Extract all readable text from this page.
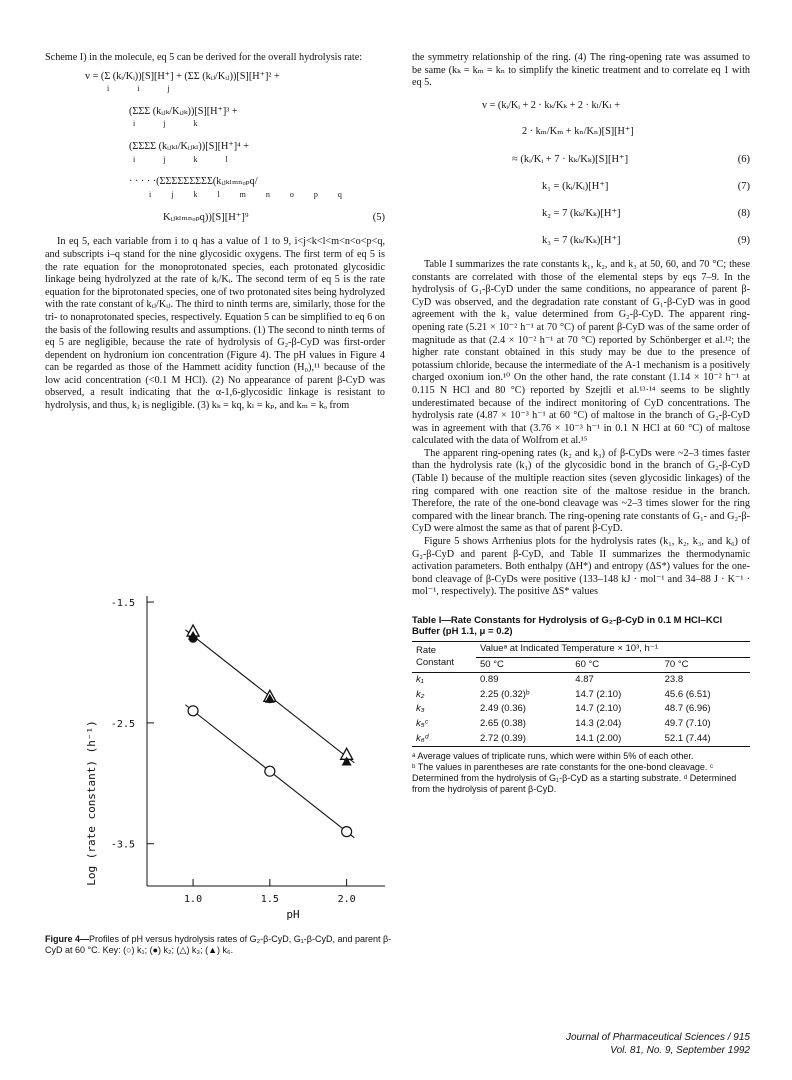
Scheme I) in the molecule, eq 5 can be derived for the overall hydrolysis rate:

v = (Σ (kᵢ/Kᵢ))[S][H⁺] + (ΣΣ (kᵢⱼ/Kᵢⱼ))[S][H⁺]² +
i i j
(ΣΣΣ (kᵢⱼₖ/Kᵢⱼₖ))[S][H⁺]³ +
i j k
(ΣΣΣΣ (kᵢⱼₖₗ/Kᵢⱼₖₗ))[S][H⁺]⁴ +
i j k l
· · · · ·(ΣΣΣΣΣΣΣΣΣ(kᵢⱼₖₗₘₙₒₚq/
i j k l m n o p q
Kᵢⱼₖₗₘₙₒₚq))[S][H⁺]⁹	(5)

In eq 5, each variable from i to q has a value of 1 to 9, i<j<k<l<m<n<o<p<q, and subscripts i–q stand for the nine glycosidic oxygens. The first term of eq 5 is the rate equation for the monoprotonated species, each protonated glycosidic linkage being hydrolyzed at the rate of kᵢ/Kᵢ. The second term of eq 5 is the rate equation for the biprotonated species, one of two protonated sites being hydrolyzed with the rate constant of kᵢⱼ/Kᵢⱼ. The third to ninth terms are, similarly, those for the tri- to nonaprotonated species, respectively. Equation 5 can be simplified to eq 6 on the basis of the following results and assumptions. (1) The second to ninth terms of eq 5 are negligible, because the rate of hydrolysis of G₂-β-CyD was first-order dependent on hydronium ion concentration (Figure 4). The pH values in Figure 4 can be regarded as those of the Hammett acidity function (H₀),¹¹ because of the low acid concentration (<0.1 M HCl). (2) No appearance of parent β-CyD was observed, a result indicating that the α-1,6-glycosidic linkage is resistant to hydrolysis, and thus, kⱼ is negligible. (3) kₖ = kq, kₗ = kₚ, and kₘ = kₒ from

Log (rate constant) (h⁻¹)
pH
-1.5
-2.5
-3.5
1.0	1.5	2.0
Figure 4—Profiles of pH versus hydrolysis rates of G₂-β-CyD, G₁-β-CyD, and parent β-CyD at 60 °C. Key: (○) k₁; (●) k₂; (△) k₃; (▲) k₆.

the symmetry relationship of the ring. (4) The ring-opening rate was assumed to be same (kₖ = kₘ = kₙ to simplify the kinetic treatment and to correlate eq 1 with eq 5.

v = (kᵢ/Kᵢ + 2 · kₖ/Kₖ + 2 · kₗ/Kₗ +
2 · kₘ/Kₘ + kₙ/Kₙ)[S][H⁺]
≈ (kᵢ/Kᵢ + 7 · kₖ/Kₖ)[S][H⁺]	(6)
k₁ = (kᵢ/Kᵢ)[H⁺]	(7)
k₂ = 7 (kₖ/Kₖ)[H⁺]	(8)
k₃ = 7 (kₖ/Kₖ)[H⁺]	(9)

Table I summarizes the rate constants k₁, k₂, and k₃ at 50, 60, and 70 °C; these constants are correlated with those of the elemental steps by eqs 7–9. In the hydrolysis of G₁-β-CyD under the same conditions, no appearance of parent β-CyD was observed, and the degradation rate constant of G₁-β-CyD was in good agreement with the k₃ value determined from G₂-β-CyD. The apparent ring-opening rate (5.21 × 10⁻² h⁻¹ at 70 °C) of parent β-CyD was of the same order of magnitude as that (2.4 × 10⁻² h⁻¹ at 70 °C) reported by Schönberger et al.¹²; the higher rate constant obtained in this study may be due to the presence of potassium chloride, because the intermediate of the A-1 mechanism is a positively charged oxonium ion.¹⁰ On the other hand, the rate constant (1.14 × 10⁻² h⁻¹ at 0.115 N HCl and 80 °C) reported by Szejtli et al.¹³·¹⁴ seems to be slightly underestimated because of the indirect monitoring of CyD concentrations. The hydrolysis rate (4.87 × 10⁻³ h⁻¹ at 60 °C) of maltose in the branch of G₂-β-CyD was in agreement with that (3.76 × 10⁻³ h⁻¹ in 0.1 N HCl at 60 °C) of maltose calculated with the data of Wolfrom et al.¹⁵

The apparent ring-opening rates (k₂ and k₃) of β-CyDs were ~2–3 times faster than the hydrolysis rate (k₁) of the glycosidic bond in the branch of G₂-β-CyD (Table I) because of the multiple reaction sites (seven glycosidic linkages) of the ring compared with one reaction site of the maltose residue in the branch. Therefore, the rate of the one-bond cleavage was ~2–3 times slower for the ring compared with the linear branch. The ring-opening rate constants of G₁- and G₂-β-CyD were almost the same as that of parent β-CyD.

Figure 5 shows Arrhenius plots for the hydrolysis rates (k₁, k₂, k₃, and k₆) of G₂-β-CyD and parent β-CyD, and Table II summarizes the thermodynamic activation parameters. Both enthalpy (ΔH*) and entropy (ΔS*) values for the one-bond cleavage of β-CyDs were positive (133–148 kJ · mol⁻¹ and 34–88 J · K⁻¹ · mol⁻¹, respectively). The positive ΔS* values

Table I—Rate Constants for Hydrolysis of G₂-β-CyD in 0.1 M HCl–KCl Buffer (pH 1.1, μ = 0.2)
Rate Constant	Valueᵃ at Indicated Temperature × 10³, h⁻¹		
	50 °C	60 °C	70 °C
k₁	0.89	4.87	23.8
k₂	2.25 (0.32)ᵇ	14.7 (2.10)	45.6 (6.51)
k₃	2.49 (0.36)	14.7 (2.10)	48.7 (6.96)
k₅ᶜ	2.65 (0.38)	14.3 (2.04)	49.7 (7.10)
k₆ᵈ	2.72 (0.39)	14.1 (2.00)	52.1 (7.44)
ᵃ Average values of triplicate runs, which were within 5% of each other.
ᵇ The values in parentheses are rate constants for the one-bond cleavage. ᶜ Determined from the hydrolysis of G₁-β-CyD as a starting substrate. ᵈ Determined from the hydrolysis of parent β-CyD.
Journal of Pharmaceutical Sciences / 915
Vol. 81, No. 9, September 1992
